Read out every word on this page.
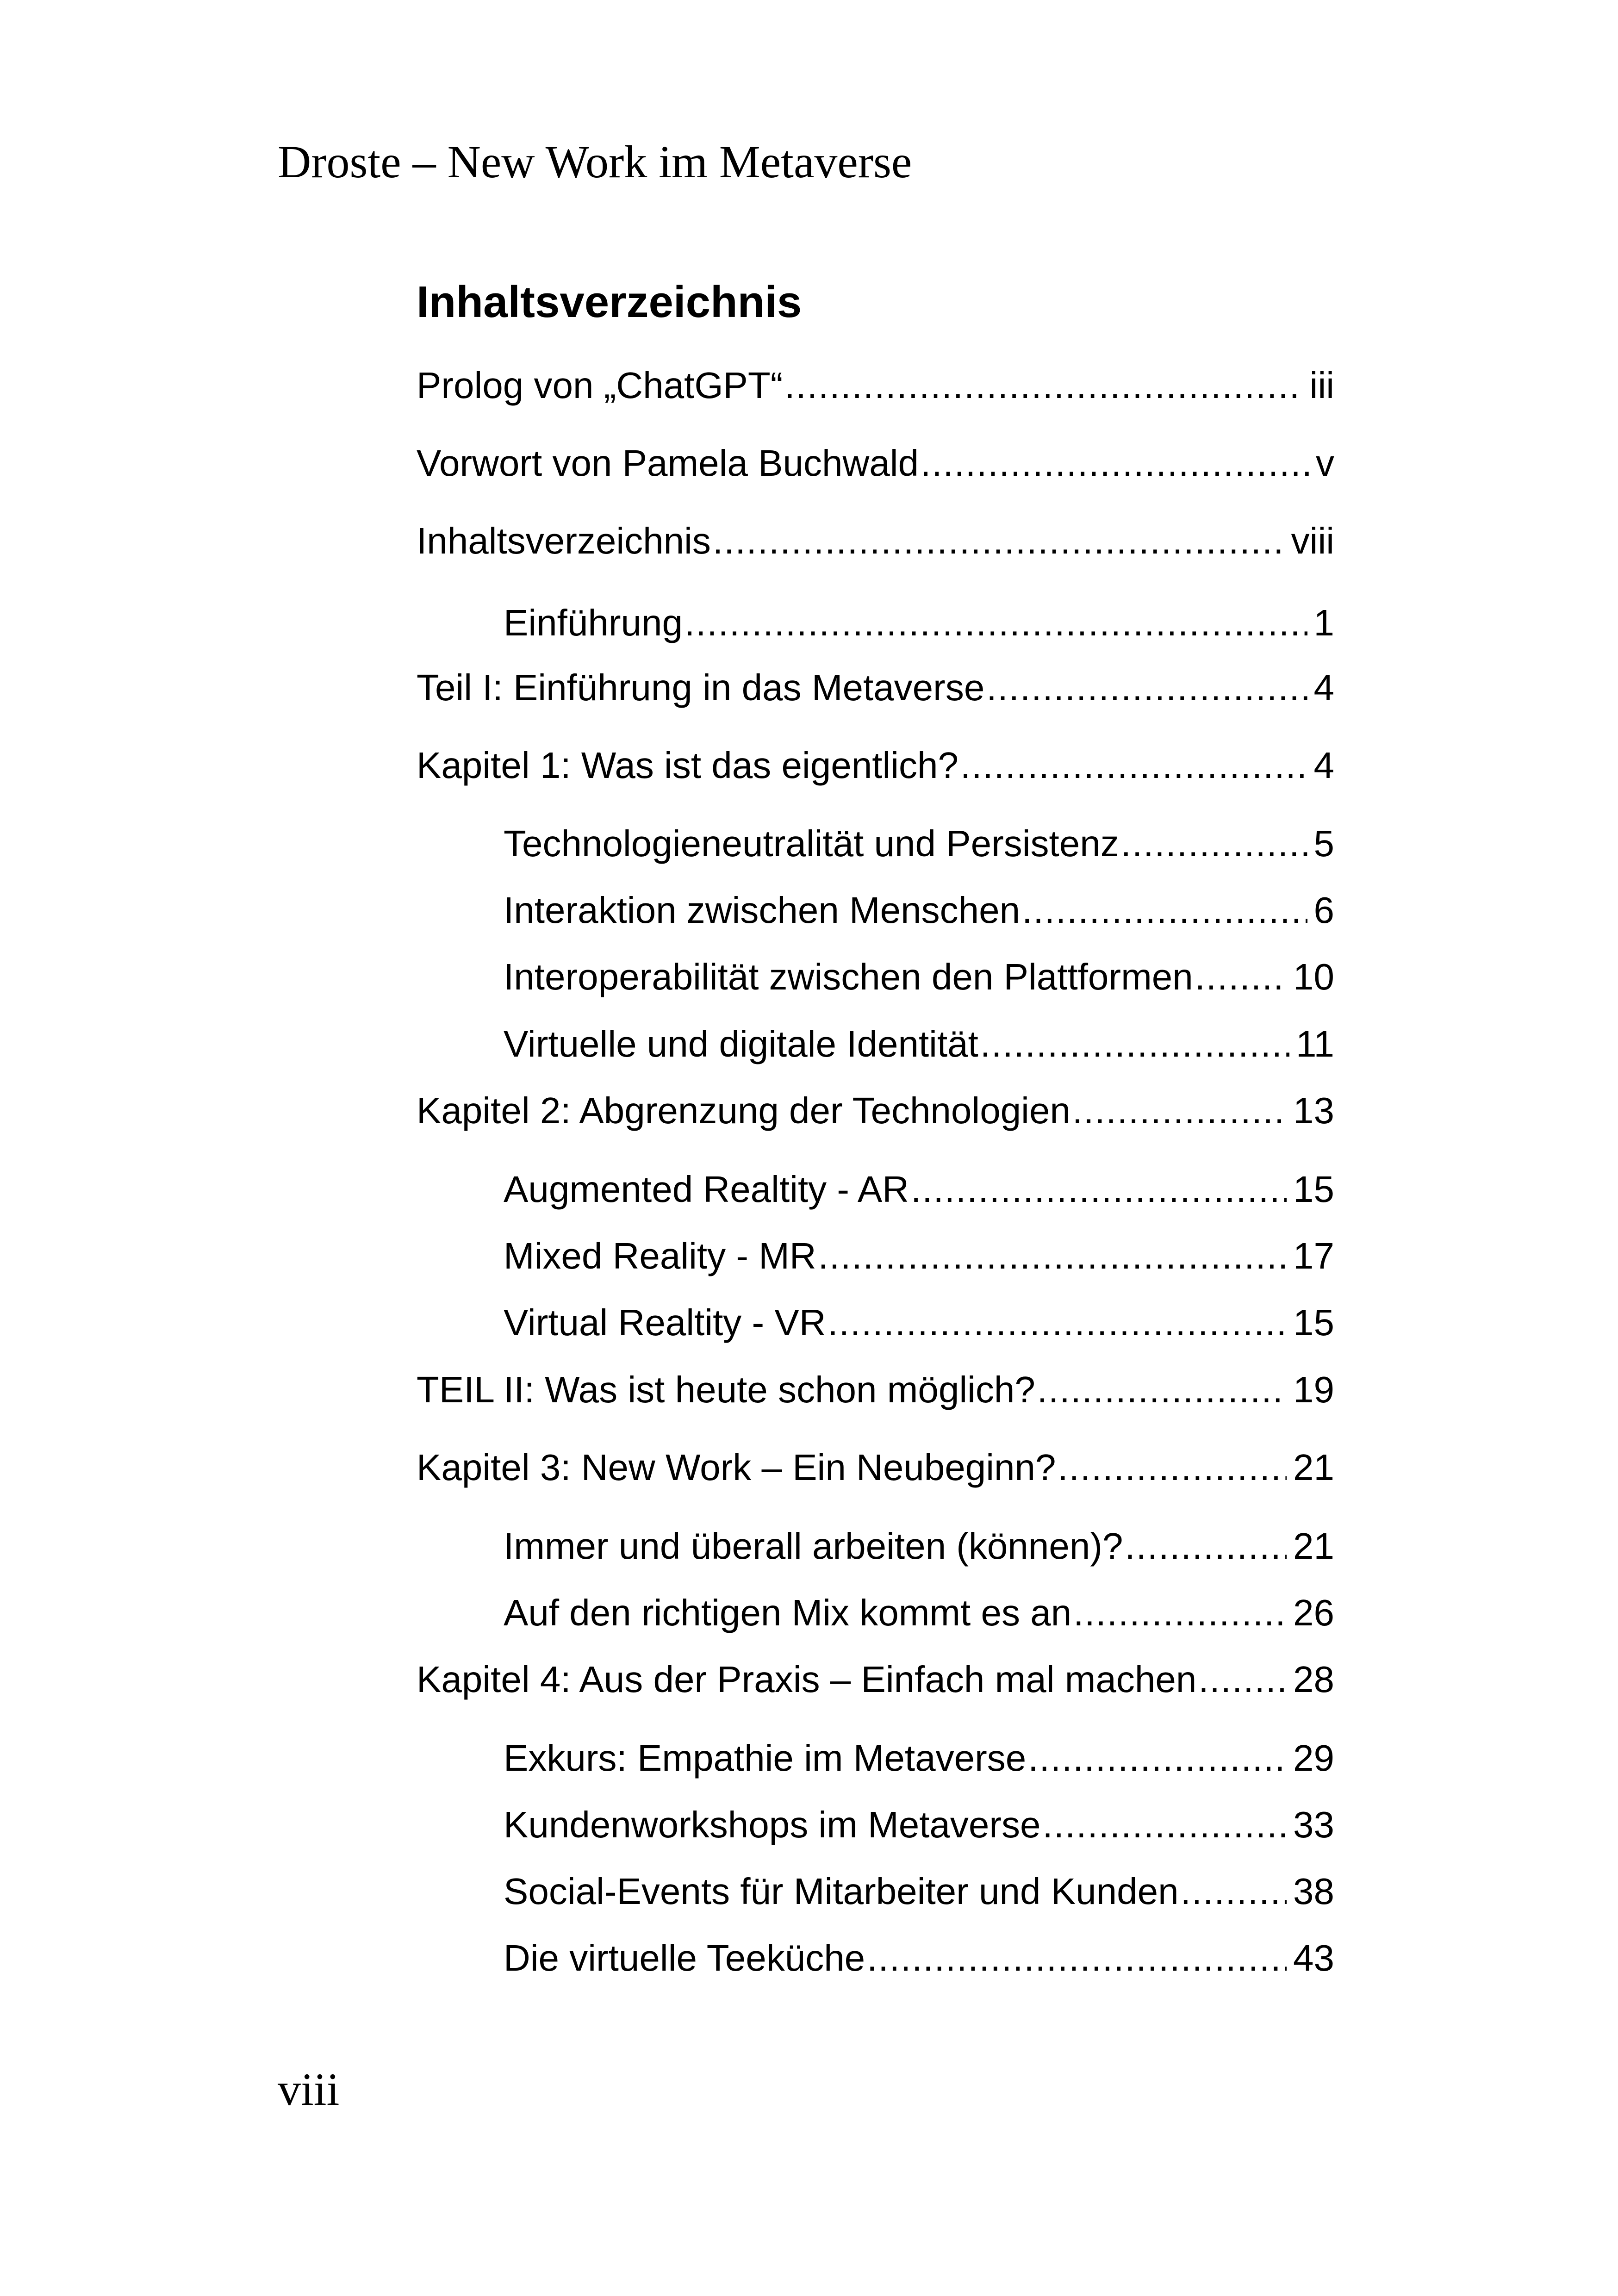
Droste – New Work im Metaverse
Inhaltsverzeichnis
Prolog von „ChatGPT“ .....	iii
Vorwort von Pamela Buchwald .....	v
Inhaltsverzeichnis .....	viii
Einführung .....	1
Teil I: Einführung in das Metaverse .....	4
Kapitel 1: Was ist das eigentlich? .....	4
Technologieneutralität und Persistenz .....	5
Interaktion zwischen Menschen .....	6
Interoperabilität zwischen den Plattformen .....	10
Virtuelle und digitale Identität .....	11
Kapitel 2: Abgrenzung der Technologien .....	13
Augmented Realtity - AR .....	15
Mixed Reality - MR .....	17
Virtual Realtity - VR .....	15
TEIL II: Was ist heute schon möglich? .....	19
Kapitel 3: New Work – Ein Neubeginn? .....	21
Immer und überall arbeiten (können)? .....	21
Auf den richtigen Mix kommt es an .....	26
Kapitel 4: Aus der Praxis – Einfach mal machen .....	28
Exkurs: Empathie im Metaverse .....	29
Kundenworkshops im Metaverse .....	33
Social-Events für Mitarbeiter und Kunden .....	38
Die virtuelle Teeküche .....	43
viii
